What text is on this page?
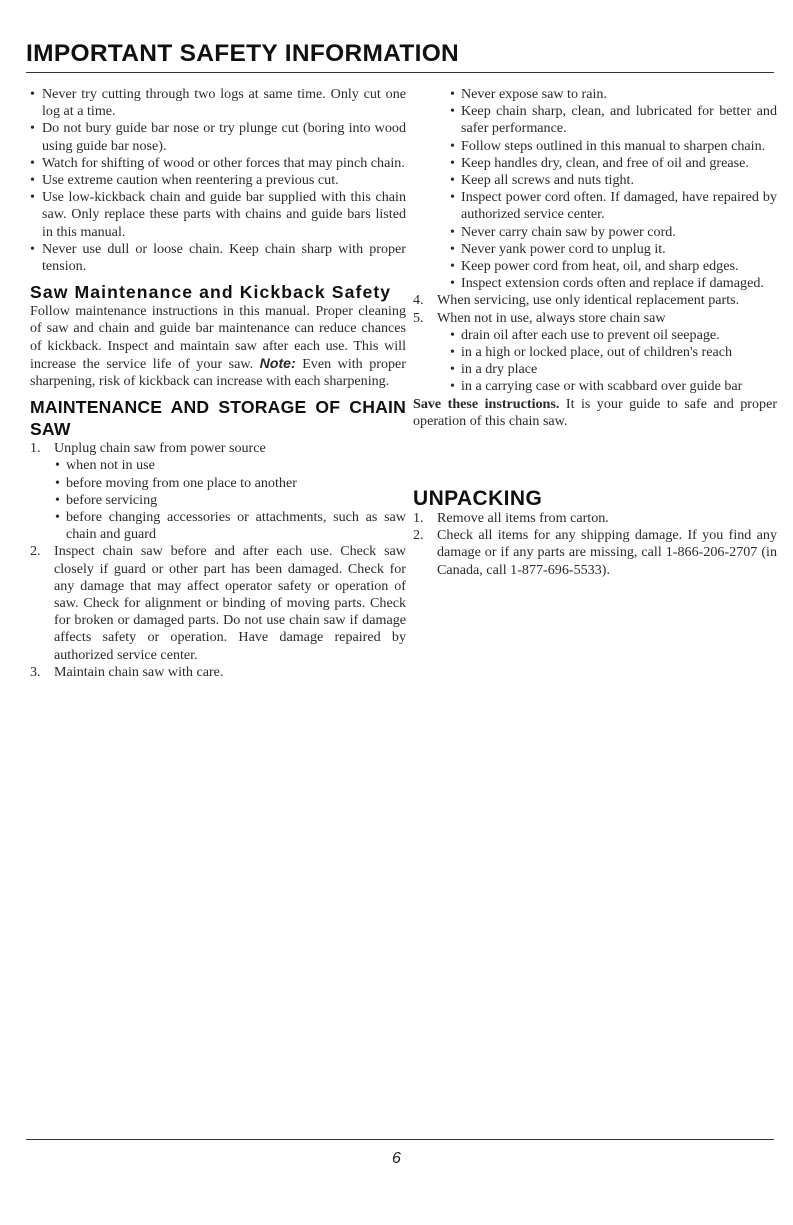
IMPORTANT SAFETY INFORMATION

• Never try cutting through two logs at same time. Only cut one log at a time.

• Do not bury guide bar nose or try plunge cut (boring into wood using guide bar nose).

• Watch for shifting of wood or other forces that may pinch chain.

• Use extreme caution when reentering a previous cut.

• Use low-kickback chain and guide bar supplied with this chain saw. Only replace these parts with chains and guide bars listed in this manual.

• Never use dull or loose chain. Keep chain sharp with proper tension.

Saw Maintenance and Kickback Safety

Follow maintenance instructions in this manual. Proper cleaning of saw and chain and guide bar maintenance can reduce chances of kickback. Inspect and maintain saw after each use. This will increase the service life of your saw. Note: Even with proper sharpening, risk of kickback can increase with each sharpening.

MAINTENANCE AND STORAGE OF CHAIN SAW

1. Unplug chain saw from power source

• when not in use

• before moving from one place to another

• before servicing

• before changing accessories or attachments, such as saw chain and guard

2. Inspect chain saw before and after each use. Check saw closely if guard or other part has been damaged. Check for any damage that may affect operator safety or operation of saw. Check for alignment or binding of moving parts. Check for broken or damaged parts. Do not use chain saw if damage affects safety or operation. Have damage repaired by authorized service center.

3. Maintain chain saw with care.

• Never expose saw to rain.

• Keep chain sharp, clean, and lubricated for better and safer performance.

• Follow steps outlined in this manual to sharpen chain.

• Keep handles dry, clean, and free of oil and grease.

• Keep all screws and nuts tight.

• Inspect power cord often. If damaged, have repaired by authorized service center.

• Never carry chain saw by power cord.

• Never yank power cord to unplug it.

• Keep power cord from heat, oil, and sharp edges.

• Inspect extension cords often and replace if damaged.

4. When servicing, use only identical replacement parts.

5. When not in use, always store chain saw

• drain oil after each use to prevent oil seepage.

• in a high or locked place, out of children's reach

• in a dry place

• in a carrying case or with scabbard over guide bar

Save these instructions. It is your guide to safe and proper operation of this chain saw.

UNPACKING

1. Remove all items from carton.

2. Check all items for any shipping damage. If you find any damage or if any parts are missing, call 1-866-206-2707 (in Canada, call 1-877-696-5533).

6
